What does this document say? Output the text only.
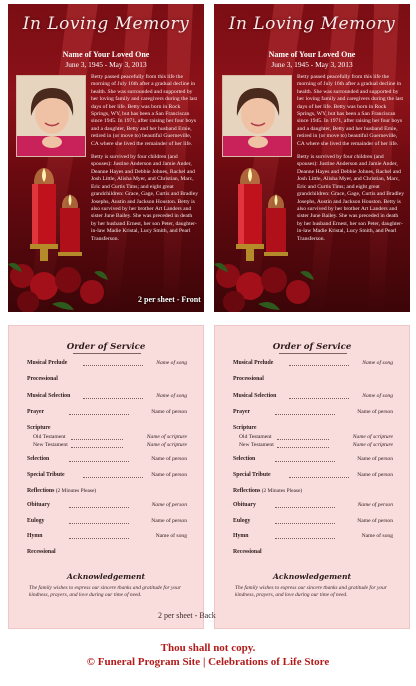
In Loving Memory
Name of Your Loved One
June 3, 1945 - May 3, 2013

Betty passed peacefully from this life the morning of July 16th after a gradual decline in health. She was surrounded and supported by her loving family and caregivers during the last days of her life. Betty was born in Rock Springs, WY, but has been a San Franciscan since 1945. In 1971, after raising her four boys and a daughter, Betty and her husband Ernie, retired in (or move to) beautiful Guerneville, CA where she lived the remainder of her life.

Betty is survived by four children (and spouses): Justine Anderson and Jamie Ander, Deanne Hayes and Debbie Johnes, Rachel and Josh Little, Alisha Myer, and Christian, Marc, Eric and Curtis Tims; and eight great grandchildren: Grace, Gage, Curtis and Bradley Josephs, Austin and Jackson Houston. Betty is also survived by her brother Art Landers and sister June Bailey. She was preceded in death by her husband Ernest, her son Peter, daughter-in-law Madie Kristal, Lucy Smith, and Pearl Transferson.

In Loving Memory
Name of Your Loved One
June 3, 1945 - May 3, 2013

Betty passed peacefully from this life the morning of July 16th after a gradual decline in health. She was surrounded and supported by her loving family and caregivers during the last days of her life. Betty was born in Rock Springs, WY, but has been a San Franciscan since 1945. In 1971, after raising her four boys and a daughter, Betty and her husband Ernie, retired in (or move to) beautiful Guerneville, CA where she lived the remainder of her life.

Betty is survived by four children (and spouses): Justine Anderson and Jamie Ander, Deanne Hayes and Debbie Johnes, Rachel and Josh Little, Alisha Myer, and Christian, Marc, Eric and Curtis Tims; and eight great grandchildren: Grace, Gage, Curtis and Bradley Josephs, Austin and Jackson Houston. Betty is also survived by her brother Art Landers and sister June Bailey. She was preceded in death by her husband Ernest, her son Peter, daughter-in-law Madie Kristal, Lucy Smith, and Pearl Transferson.

2 per sheet - Front
Order of Service
Musical Prelude	Name of song
Processional
Musical Selection	Name of song
Prayer	Name of person
Scripture
Old Testament	Name of scripture
New Testament	Name of scripture
Selection	Name of person
Special Tribute	Name of person
Reflections (2 Minutes Please)
Obituary	Name of person
Eulogy	Name of person
Hymn	Name of song
Recessional
Acknowledgement
The family wishes to express our sincere thanks and gratitude for your kindness, prayers, and love during our time of need.
Order of Service
Musical Prelude	Name of song
Processional
Musical Selection	Name of song
Prayer	Name of person
Scripture
Old Testament	Name of scripture
New Testament	Name of scripture
Selection	Name of person
Special Tribute	Name of person
Reflections (2 Minutes Please)
Obituary	Name of person
Eulogy	Name of person
Hymn	Name of song
Recessional
Acknowledgement
The family wishes to express our sincere thanks and gratitude for your kindness, prayers, and love during our time of need.
2 per sheet - Back
Thou shall not copy.
© Funeral Program Site | Celebrations of Life Store
